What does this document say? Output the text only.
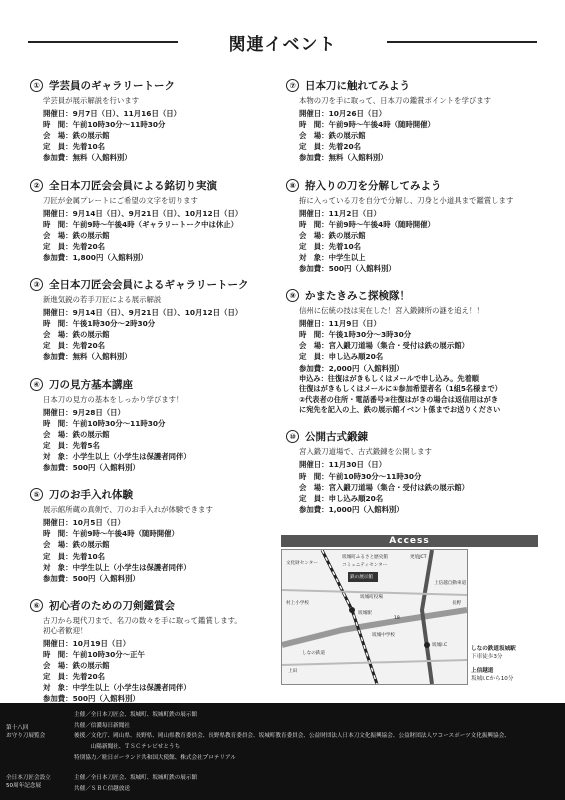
関連イベント
① 学芸員のギャラリートーク
学芸員が展示解説を行います
開催日：9月7日（日）、11月16日（日）
時　間：午前10時30分～11時30分
会　場：鉄の展示館
定　員：先着10名
参加費：無料（入館料別）
② 全日本刀匠会会員による銘切り実演
刀匠が金属プレートにご希望の文字を切ります
開催日：9月14日（日）、9月21日（日）、10月12日（日）
時　間：午前9時～午後4時（ギャラリートーク中は休止）
会　場：鉄の展示館
定　員：先着20名
参加費：1,800円（入館料別）
③ 全日本刀匠会会員によるギャラリートーク
新進気鋭の若手刀匠による展示解説
開催日：9月14日（日）、9月21日（日）、10月12日（日）
時　間：午後1時30分～2時30分
会　場：鉄の展示館
定　員：先着20名
参加費：無料（入館料別）
④ 刀の見方基本講座
日本刀の見方の基本をしっかり学びます！
開催日：9月28日（日）
時　間：午前10時30分～11時30分
会　場：鉄の展示館
定　員：先着5名
対　象：小学生以上（小学生は保護者同伴）
参加費：500円（入館料別）
⑤ 刀のお手入れ体験
展示館所蔵の真剣で、刀のお手入れが体験できます
開催日：10月5日（日）
時　間：午前9時～午後4時（随時開催）
会　場：鉄の展示館
定　員：先着10名
対　象：中学生以上（小学生は保護者同伴）
参加費：500円（入館料別）
⑥ 初心者のための刀剣鑑賞会
古刀から現代刀まで、名刀の数々を手に取って鑑賞します。
初心者歓迎！
開催日：10月19日（日）
時　間：午前10時30分～正午
会　場：鉄の展示館
定　員：先着20名
対　象：中学生以上（小学生は保護者同伴）
参加費：500円（入館料別）
⑦ 日本刀に触れてみよう
本物の刀を手に取って、日本刀の鑑賞ポイントを学びます
開催日：10月26日（日）
時　間：午前9時～午後4時（随時開催）
会　場：鉄の展示館
定　員：先着20名
参加費：無料（入館料別）
⑧ 拵入りの刀を分解してみよう
拵に入っている刀を自分で分解し、刀身と小道具まで鑑賞します
開催日：11月2日（日）
時　間：午前9時～午後4時（随時開催）
会　場：鉄の展示館
定　員：先着10名
対　象：中学生以上
参加費：500円（入館料別）
⑨ かまたきみこ探検隊！
信州に伝統の技は実在した！宮入鍛錬所の謎を追え！！
開催日：11月9日（日）
時　間：午後1時30分～3時30分
会　場：宮入鍛刀道場（集合・受付は鉄の展示館）
定　員：申し込み順20名
参加費：2,000円（入館料別）
申込み：往復はがきもしくはメールで申し込み。先着順
往復はがきもしくはメールに①参加希望者名（1組5名様まで）
②代表者の住所・電話番号③往復はがきの場合は返信用はがき
に宛先を記入の上、鉄の展示館イベント係までお送りください
⑩ 公開古式鍛錬
宮入鍛刀道場で、古式鍛錬を公開します
開催日：11月30日（日）
時　間：午前10時30分～11時30分
会　場：宮入鍛刀道場（集合・受付は鉄の展示館）
定　員：申し込み順20名
参加費：1,000円（入館料別）
Access
文化財センター
坂城町ふるさと歴史館
コミュニティセンター
鉄の展示館
更埴JCT
坂城駅
村上小学校
坂城町役場
坂城I.C
坂城中学校
しなの鉄道
上信越自動車道
18
上田
長野
しなの鉄道坂城駅
下車徒歩3分
上信越道
坂城I.Cから10分
第十八回
お守り刀展覧会
全日本刀匠会設立
50周年記念展
主催／全日本刀匠会、坂城町、坂城町鉄の展示館
共催／信濃毎日新聞社
後援／文化庁、岡山県、長野県、岡山県教育委員会、長野県教育委員会、坂城町教育委員会、公益財団法人日本刀文化振興協会、公益財団法人ワコースポーツ文化振興協会、
　　　山陽新聞社、ＴＳＣテレビせとうち
特別協力／駐日ポーランド共和国大使館、株式会社プロテリアル
主催／全日本刀匠会、坂城町、坂城町鉄の展示館
共催／ＳＢＣ信越放送
